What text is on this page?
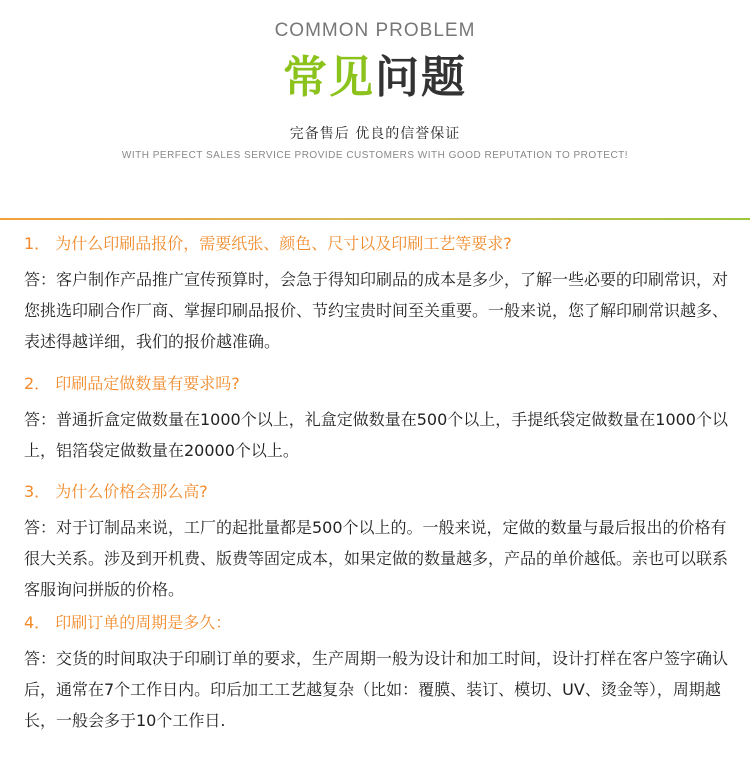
COMMON PROBLEM
常见问题
完备售后 优良的信誉保证
WITH PERFECT SALES SERVICE PROVIDE CUSTOMERS WITH GOOD REPUTATION TO PROTECT!
1． 为什么印刷品报价，需要纸张、颜色、尺寸以及印刷工艺等要求?
答：客户制作产品推广宣传预算时，会急于得知印刷品的成本是多少，了解一些必要的印刷常识，对您挑选印刷合作厂商、掌握印刷品报价、节约宝贵时间至关重要。一般来说，您了解印刷常识越多、表述得越详细，我们的报价越准确。
2． 印刷品定做数量有要求吗?
答：普通折盒定做数量在1000个以上，礼盒定做数量在500个以上，手提纸袋定做数量在1000个以上，铝箔袋定做数量在20000个以上。
3． 为什么价格会那么高?
答：对于订制品来说，工厂的起批量都是500个以上的。一般来说，定做的数量与最后报出的价格有很大关系。涉及到开机费、版费等固定成本，如果定做的数量越多，产品的单价越低。亲也可以联系客服询问拼版的价格。
4． 印刷订单的周期是多久：
答：交货的时间取决于印刷订单的要求，生产周期一般为设计和加工时间，设计打样在客户签字确认后，通常在7个工作日内。印后加工工艺越复杂（比如：覆膜、装订、模切、UV、烫金等），周期越长，一般会多于10个工作日.
